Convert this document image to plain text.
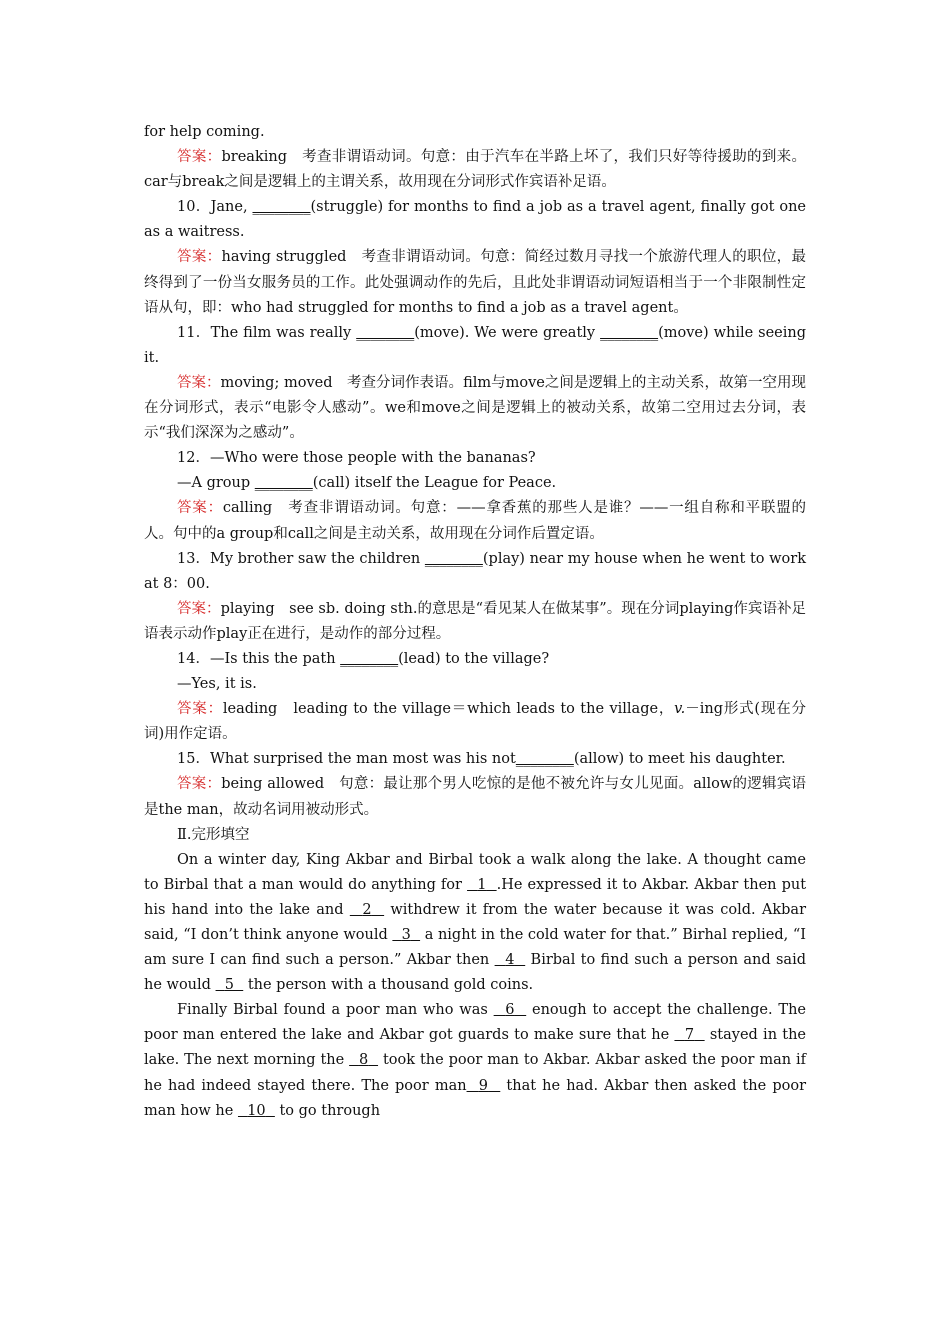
for help coming.

答案：breaking　考查非谓语动词。句意：由于汽车在半路上坏了，我们只好等待援助的到来。car与break之间是逻辑上的主谓关系，故用现在分词形式作宾语补足语。

10．Jane, ________(struggle) for months to find a job as a travel agent, finally got one as a waitress.

答案：having struggled　考查非谓语动词。句意：简经过数月寻找一个旅游代理人的职位，最终得到了一份当女服务员的工作。此处强调动作的先后，且此处非谓语动词短语相当于一个非限制性定语从句，即：who had struggled for months to find a job as a travel agent。

11．The film was really ________(move). We were greatly ________(move) while seeing it.

答案：moving; moved　考查分词作表语。film与move之间是逻辑上的主动关系，故第一空用现在分词形式，表示“电影令人感动”。we和move之间是逻辑上的被动关系，故第二空用过去分词，表示“我们深深为之感动”。

12．—Who were those people with the bananas?

—A group ________(call) itself the League for Peace.

答案：calling　考查非谓语动词。句意：——拿香蕉的那些人是谁？——一组自称和平联盟的人。句中的a group和call之间是主动关系，故用现在分词作后置定语。

13．My brother saw the children ________(play) near my house when he went to work at 8：00.

答案：playing　see sb. doing sth.的意思是“看见某人在做某事”。现在分词playing作宾语补足语表示动作play正在进行，是动作的部分过程。

14．—Is this the path ________(lead) to the village?

—Yes, it is.

答案：leading　leading to the village＝which leads to the village，v.－ing形式(现在分词)用作定语。

15．What surprised the man most was his not________(allow) to meet his daughter.

答案：being allowed　句意：最让那个男人吃惊的是他不被允许与女儿见面。allow的逻辑宾语是the man，故动名词用被动形式。

Ⅱ.完形填空

On a winter day, King Akbar and Birbal took a walk along the lake. A thought came to Birbal that a man would do anything for   1 .He expressed it to Akbar. Akbar then put his hand into the lake and   2   withdrew it from the water because it was cold. Akbar said, “I don’t think anyone would   3   a night in the cold water for that.” Birhal replied, “I am sure I can find such a person.” Akbar then   4   Birbal to find such a person and said he would   5   the person with a thousand gold coins.

Finally Birbal found a poor man who was   6   enough to accept the challenge. The poor man entered the lake and Akbar got guards to make sure that he   7   stayed in the lake. The next morning the   8   took the poor man to Akbar. Akbar asked the poor man if he had indeed stayed there. The poor man 9   that he had. Akbar then asked the poor man how he   10   to go through
